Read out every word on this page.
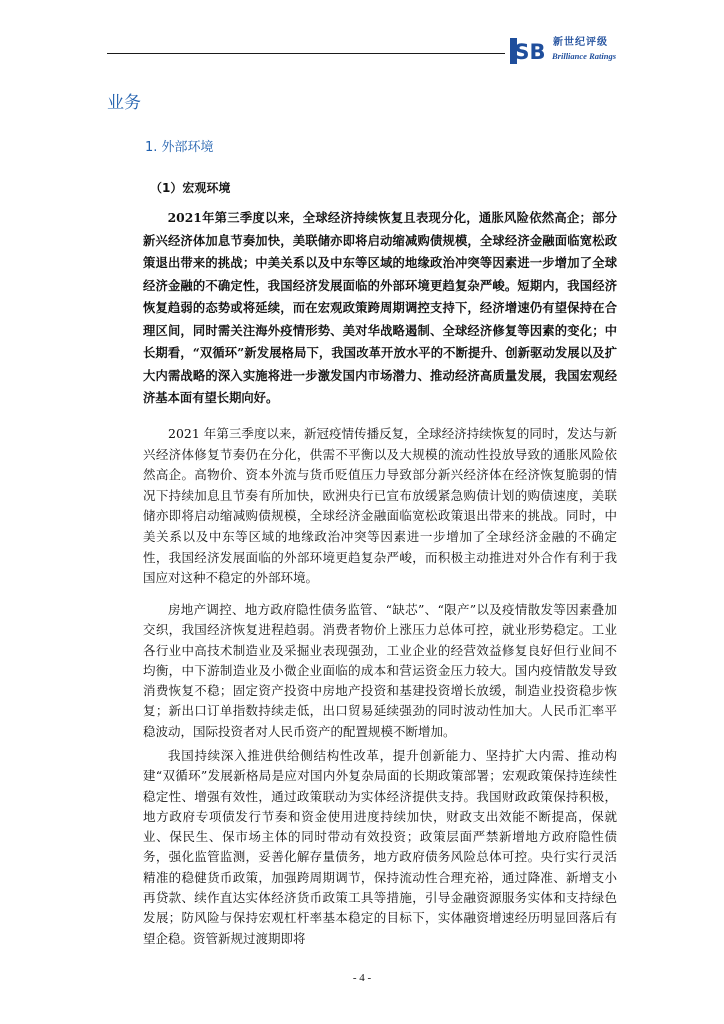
SB 新世纪评级
Brilliance Ratings
业务
1. 外部环境
（1）宏观环境

2021年第三季度以来，全球经济持续恢复且表现分化，通胀风险依然高企；部分新兴经济体加息节奏加快，美联储亦即将启动缩减购债规模，全球经济金融面临宽松政策退出带来的挑战；中美关系以及中东等区域的地缘政治冲突等因素进一步增加了全球经济金融的不确定性，我国经济发展面临的外部环境更趋复杂严峻。短期内，我国经济恢复趋弱的态势或将延续，而在宏观政策跨周期调控支持下，经济增速仍有望保持在合理区间，同时需关注海外疫情形势、美对华战略遏制、全球经济修复等因素的变化；中长期看，“双循环”新发展格局下，我国改革开放水平的不断提升、创新驱动发展以及扩大内需战略的深入实施将进一步激发国内市场潜力、推动经济高质量发展，我国宏观经济基本面有望长期向好。

2021 年第三季度以来，新冠疫情传播反复，全球经济持续恢复的同时，发达与新兴经济体修复节奏仍在分化，供需不平衡以及大规模的流动性投放导致的通胀风险依然高企。高物价、资本外流与货币贬值压力导致部分新兴经济体在经济恢复脆弱的情况下持续加息且节奏有所加快，欧洲央行已宣布放缓紧急购债计划的购债速度，美联储亦即将启动缩减购债规模，全球经济金融面临宽松政策退出带来的挑战。同时，中美关系以及中东等区域的地缘政治冲突等因素进一步增加了全球经济金融的不确定性，我国经济发展面临的外部环境更趋复杂严峻，而积极主动推进对外合作有利于我国应对这种不稳定的外部环境。

房地产调控、地方政府隐性债务监管、“缺芯”、“限产”以及疫情散发等因素叠加交织，我国经济恢复进程趋弱。消费者物价上涨压力总体可控，就业形势稳定。工业各行业中高技术制造业及采掘业表现强劲，工业企业的经营效益修复良好但行业间不均衡，中下游制造业及小微企业面临的成本和营运资金压力较大。国内疫情散发导致消费恢复不稳；固定资产投资中房地产投资和基建投资增长放缓，制造业投资稳步恢复；新出口订单指数持续走低，出口贸易延续强劲的同时波动性加大。人民币汇率平稳波动，国际投资者对人民币资产的配置规模不断增加。

我国持续深入推进供给侧结构性改革，提升创新能力、坚持扩大内需、推动构建“双循环”发展新格局是应对国内外复杂局面的长期政策部署；宏观政策保持连续性稳定性、增强有效性，通过政策联动为实体经济提供支持。我国财政政策保持积极，地方政府专项债发行节奏和资金使用进度持续加快，财政支出效能不断提高，保就业、保民生、保市场主体的同时带动有效投资；政策层面严禁新增地方政府隐性债务，强化监管监测，妥善化解存量债务，地方政府债务风险总体可控。央行实行灵活精准的稳健货币政策，加强跨周期调节，保持流动性合理充裕，通过降准、新增支小再贷款、续作直达实体经济货币政策工具等措施，引导金融资源服务实体和支持绿色发展；防风险与保持宏观杠杆率基本稳定的目标下，实体融资增速经历明显回落后有望企稳。资管新规过渡期即将

- 4 -
